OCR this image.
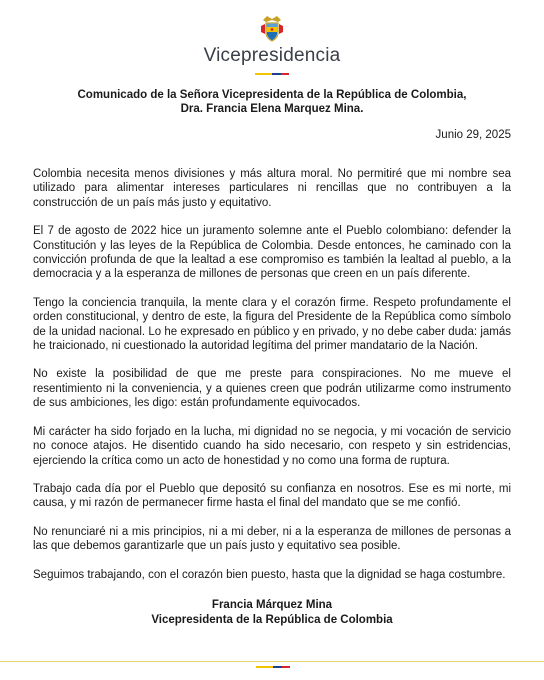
Vicepresidencia
Comunicado de la Señora Vicepresidenta de la República de Colombia,
Dra. Francia Elena Marquez Mina.
Junio 29, 2025

Colombia necesita menos divisiones y más altura moral. No permitiré que mi nombre sea utilizado para alimentar intereses particulares ni rencillas que no contribuyen a la construcción de un país más justo y equitativo.

El 7 de agosto de 2022 hice un juramento solemne ante el Pueblo colombiano: defender la Constitución y las leyes de la República de Colombia. Desde entonces, he caminado con la convicción profunda de que la lealtad a ese compromiso es también la lealtad al pueblo, a la democracia y a la esperanza de millones de personas que creen en un país diferente.

Tengo la conciencia tranquila, la mente clara y el corazón firme. Respeto profundamente el orden constitucional, y dentro de este, la figura del Presidente de la República como símbolo de la unidad nacional. Lo he expresado en público y en privado, y no debe caber duda: jamás he traicionado, ni cuestionado la autoridad legítima del primer mandatario de la Nación.

No existe la posibilidad de que me preste para conspiraciones. No me mueve el resentimiento ni la conveniencia, y a quienes creen que podrán utilizarme como instrumento de sus ambiciones, les digo: están profundamente equivocados.

Mi carácter ha sido forjado en la lucha, mi dignidad no se negocia, y mi vocación de servicio no conoce atajos. He disentido cuando ha sido necesario, con respeto y sin estridencias, ejerciendo la crítica como un acto de honestidad y no como una forma de ruptura.

Trabajo cada día por el Pueblo que depositó su confianza en nosotros. Ese es mi norte, mi causa, y mi razón de permanecer firme hasta el final del mandato que se me confió.

No renunciaré ni a mis principios, ni a mi deber, ni a la esperanza de millones de personas a las que debemos garantizarle que un país justo y equitativo sea posible.

Seguimos trabajando, con el corazón bien puesto, hasta que la dignidad se haga costumbre.

Francia Márquez Mina
Vicepresidenta de la República de Colombia
